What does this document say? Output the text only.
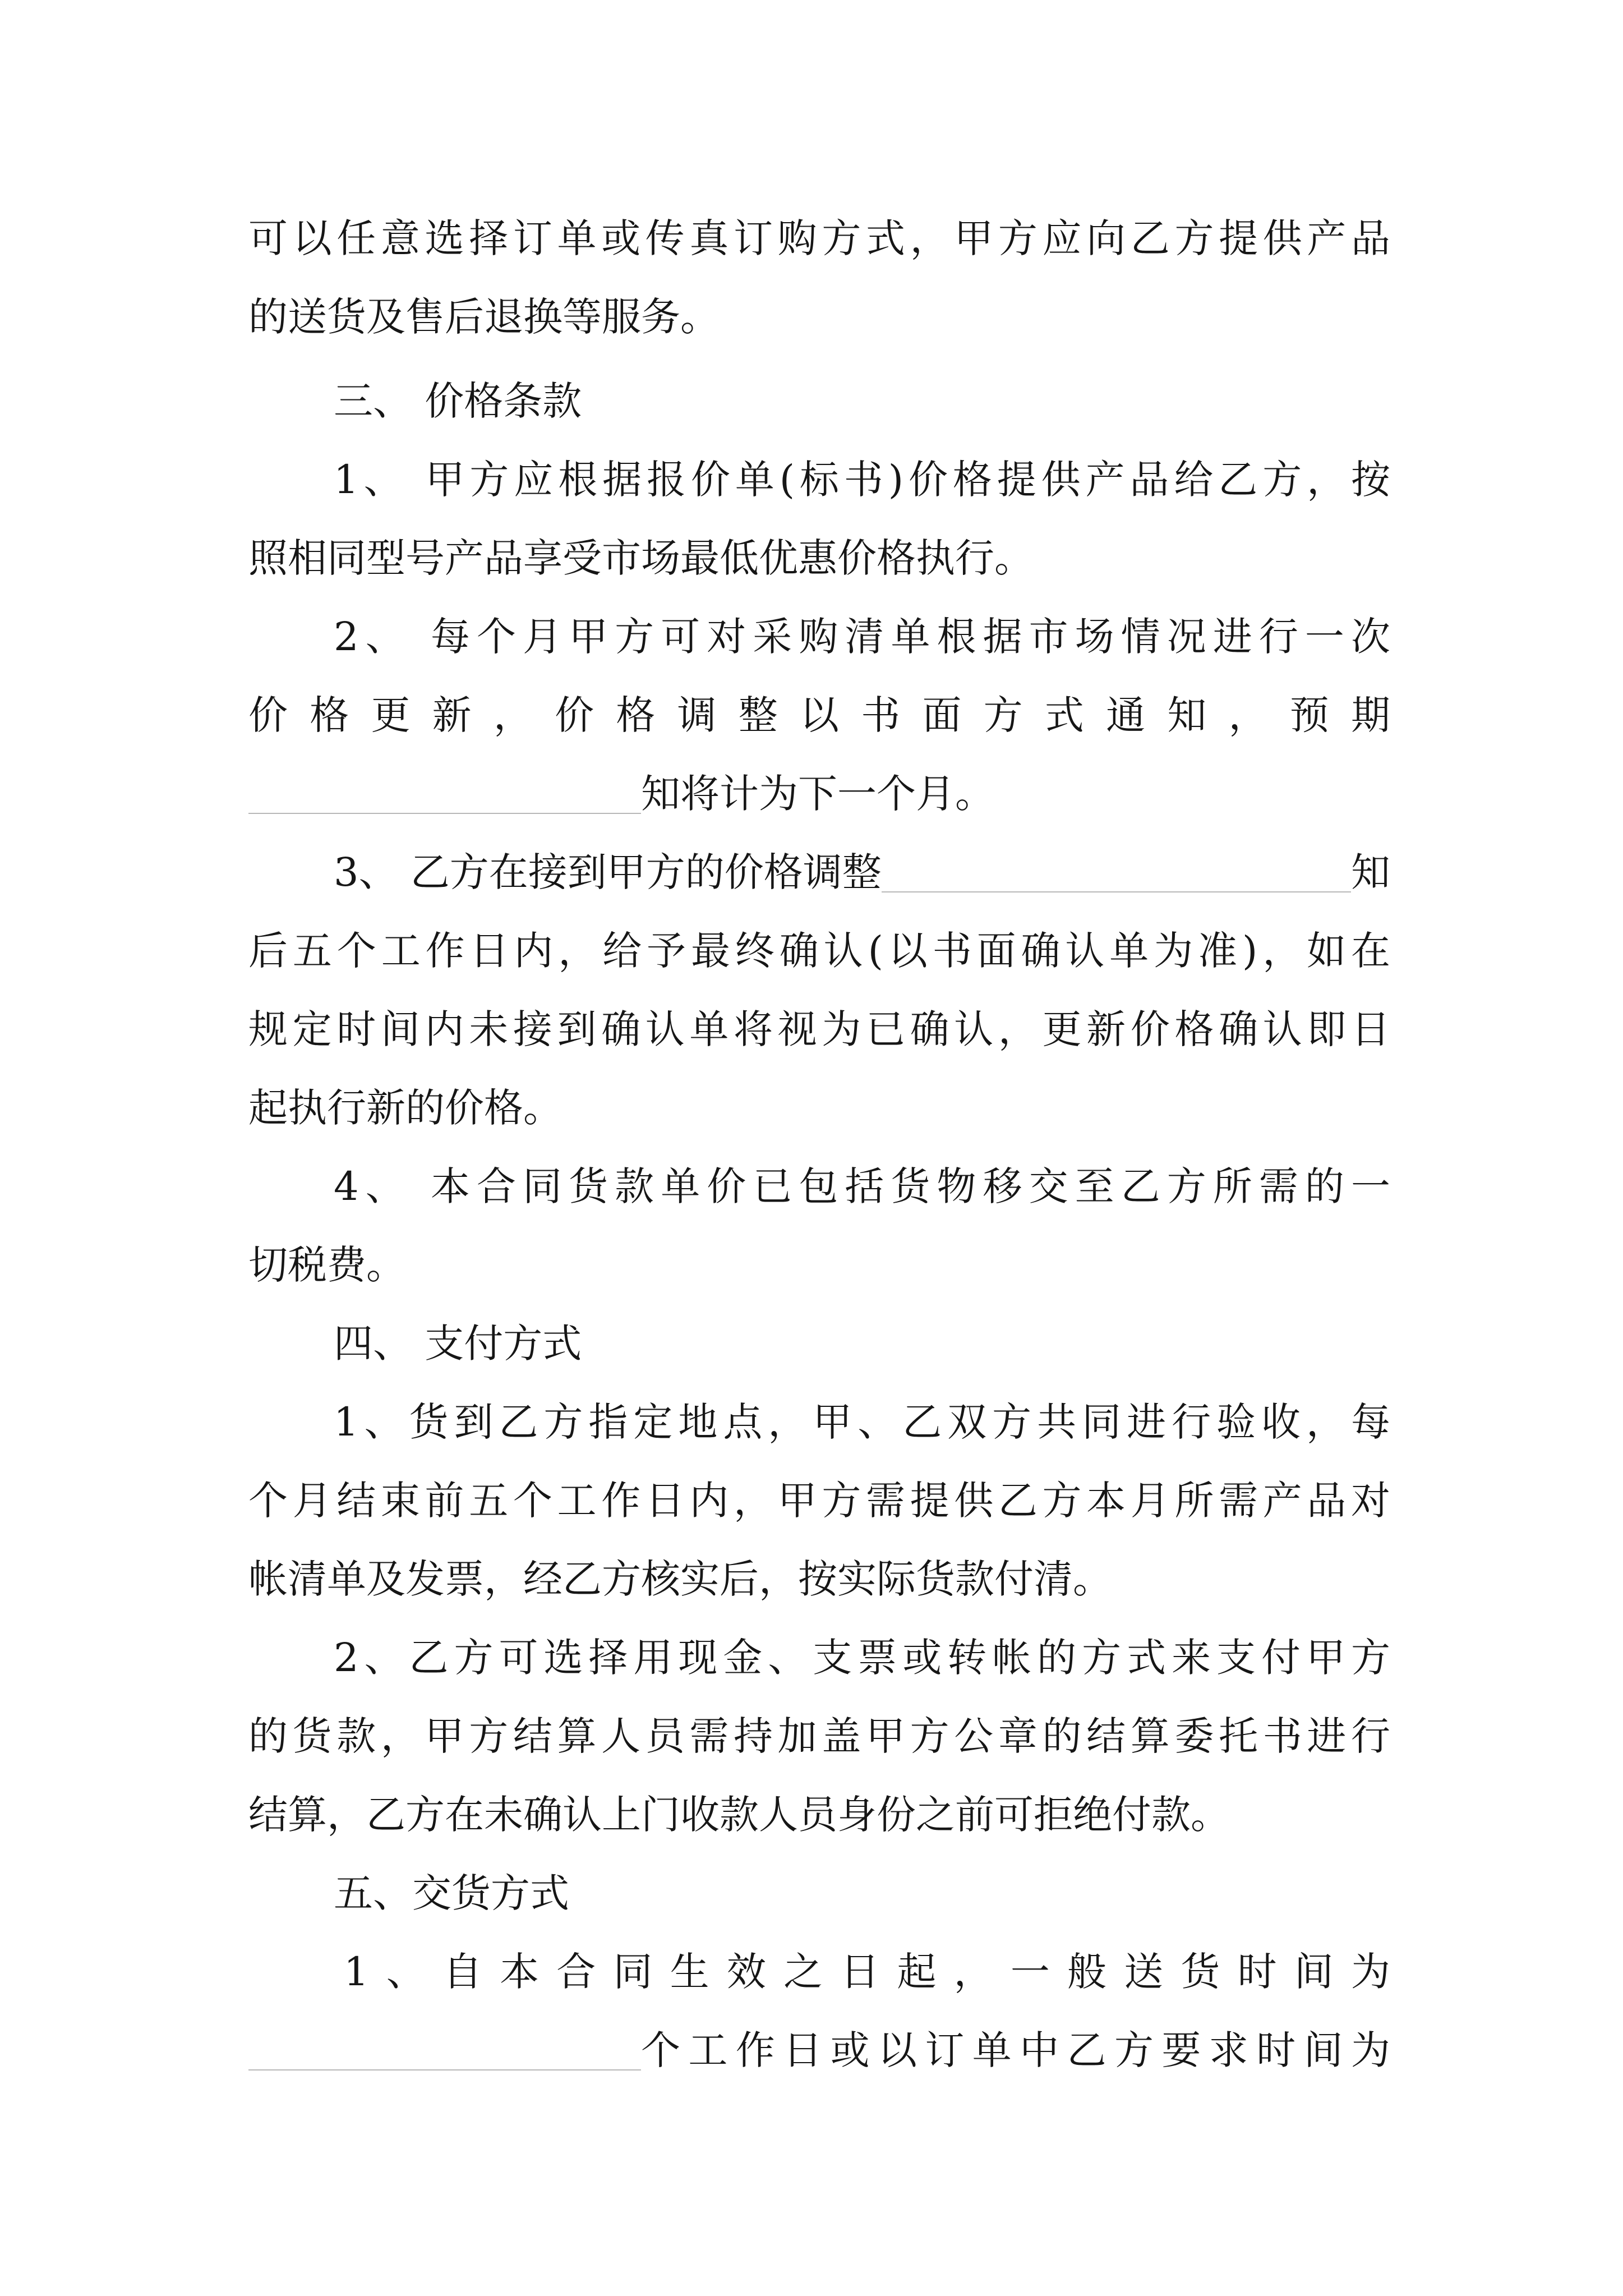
可以任意选择订单或传真订购方式，甲方应向乙方提供产品
的送货及售后退换等服务。
三、 价格条款
1、 甲方应根据报价单(标书)价格提供产品给乙方，按
照相同型号产品享受市场最低优惠价格执行。
2、 每个月甲方可对采购清单根据市场情况进行一次
价格更新，价格调整以书面方式通知，预期
知将计为下一个月。
3、 乙方在接到甲方的价格调整	知
后五个工作日内，给予最终确认(以书面确认单为准)，如在
规定时间内未接到确认单将视为已确认，更新价格确认即日
起执行新的价格。
4、 本合同货款单价已包括货物移交至乙方所需的一
切税费。
四、 支付方式
1、货到乙方指定地点，甲、乙双方共同进行验收，每
个月结束前五个工作日内，甲方需提供乙方本月所需产品对
帐清单及发票，经乙方核实后，按实际货款付清。
2、乙方可选择用现金、支票或转帐的方式来支付甲方
的货款，甲方结算人员需持加盖甲方公章的结算委托书进行
结算，乙方在未确认上门收款人员身份之前可拒绝付款。
五、交货方式
1、自本合同生效之日起，一般送货时间为
个工作日或以订单中乙方要求时间为
